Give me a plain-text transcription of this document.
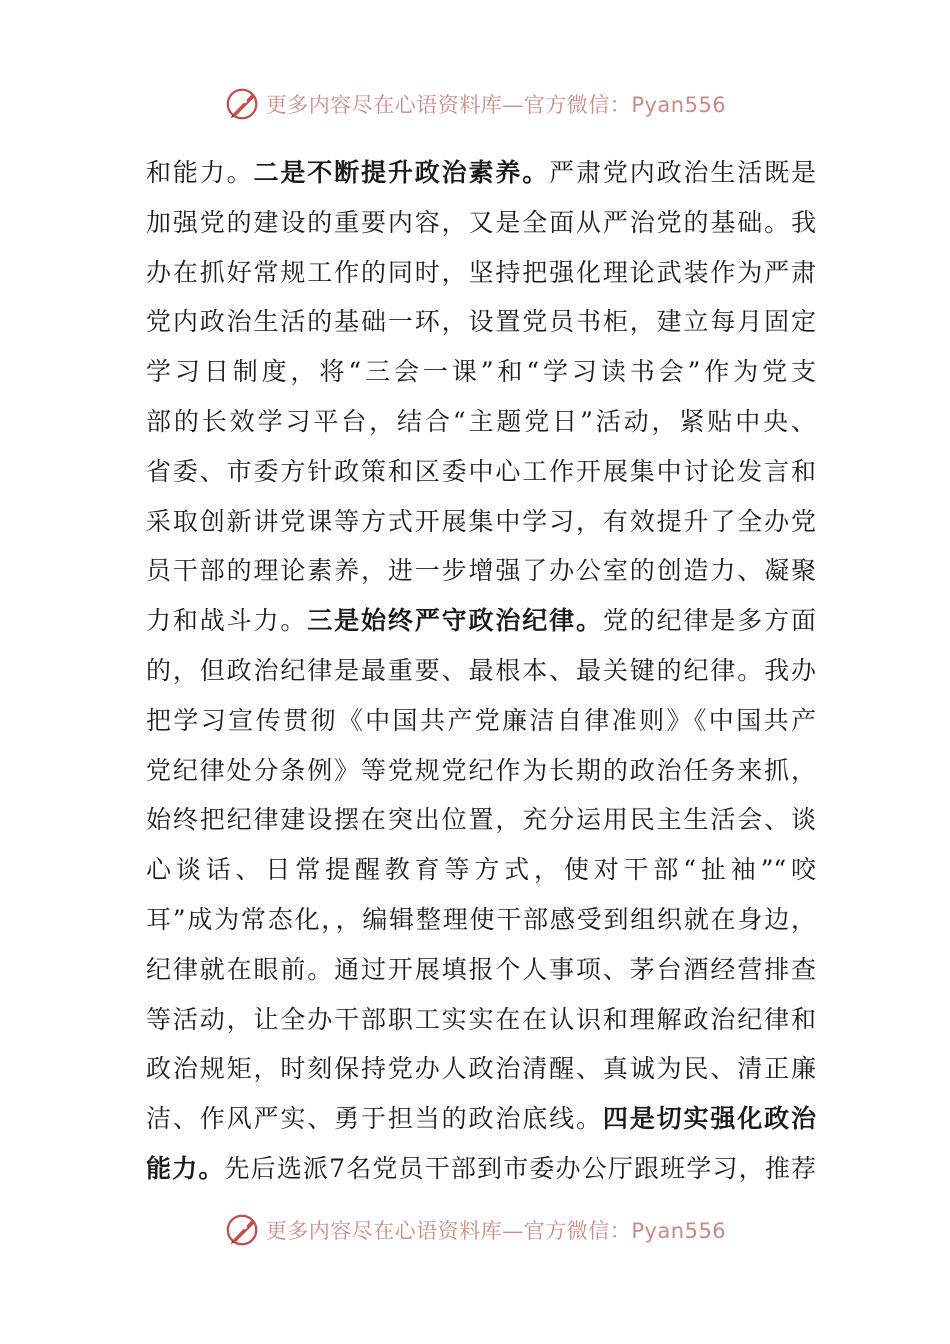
更多内容尽在心语资料库—官方微信：Pyan556
和能力。二是不断提升政治素养。严肃党内政治生活既是
加强党的建设的重要内容，又是全面从严治党的基础。我
办在抓好常规工作的同时，坚持把强化理论武装作为严肃
党内政治生活的基础一环，设置党员书柜，建立每月固定
学习日制度，将“三会一课”和“学习读书会”作为党支
部的长效学习平台，结合“主题党日”活动，紧贴中央、
省委、市委方针政策和区委中心工作开展集中讨论发言和
采取创新讲党课等方式开展集中学习，有效提升了全办党
员干部的理论素养，进一步增强了办公室的创造力、凝聚
力和战斗力。三是始终严守政治纪律。党的纪律是多方面
的，但政治纪律是最重要、最根本、最关键的纪律。我办
把学习宣传贯彻《中国共产党廉洁自律准则》《中国共产
党纪律处分条例》等党规党纪作为长期的政治任务来抓，
始终把纪律建设摆在突出位置，充分运用民主生活会、谈
心谈话、日常提醒教育等方式，使对干部“扯袖”“咬
耳”成为常态化，，编辑整理使干部感受到组织就在身边，
纪律就在眼前。通过开展填报个人事项、茅台酒经营排查
等活动，让全办干部职工实实在在认识和理解政治纪律和
政治规矩，时刻保持党办人政治清醒、真诚为民、清正廉
洁、作风严实、勇于担当的政治底线。四是切实强化政治
能力。先后选派7名党员干部到市委办公厅跟班学习，推荐
更多内容尽在心语资料库—官方微信：Pyan556
